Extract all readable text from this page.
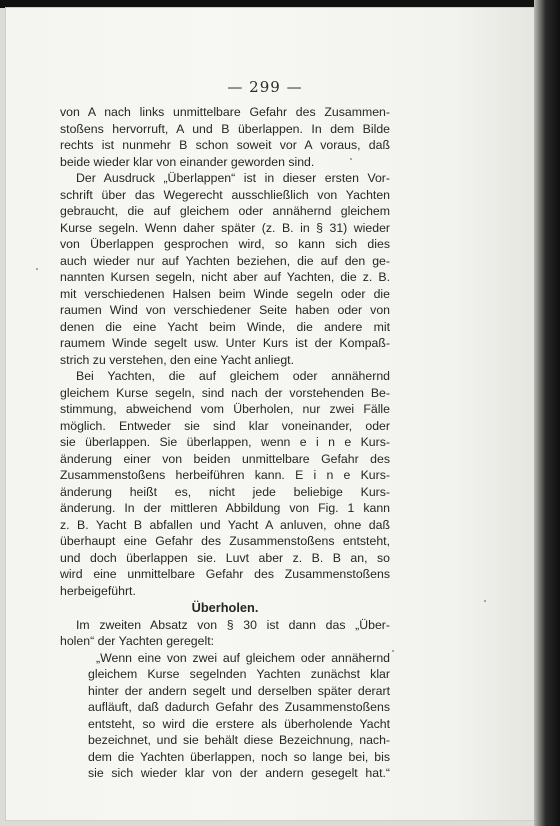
— 299 —
von A nach links unmittelbare Gefahr des Zusammen-
stoßens hervorruft, A und B überlappen. In dem Bilde
rechts ist nunmehr B schon soweit vor A voraus, daß
beide wieder klar von einander geworden sind.
Der Ausdruck „Überlappen“ ist in dieser ersten Vor-
schrift über das Wegerecht ausschließlich von Yachten
gebraucht, die auf gleichem oder annähernd gleichem
Kurse segeln. Wenn daher später (z. B. in § 31) wieder
von Überlappen gesprochen wird, so kann sich dies
auch wieder nur auf Yachten beziehen, die auf den ge-
nannten Kursen segeln, nicht aber auf Yachten, die z. B.
mit verschiedenen Halsen beim Winde segeln oder die
raumen Wind von verschiedener Seite haben oder von
denen die eine Yacht beim Winde, die andere mit
raumem Winde segelt usw. Unter Kurs ist der Kompaß-
strich zu verstehen, den eine Yacht anliegt.
Bei Yachten, die auf gleichem oder annähernd
gleichem Kurse segeln, sind nach der vorstehenden Be-
stimmung, abweichend vom Überholen, nur zwei Fälle
möglich. Entweder sie sind klar voneinander, oder
sie überlappen. Sie überlappen, wenn e i n e Kurs-
änderung einer von beiden unmittelbare Gefahr des
Zusammenstoßens herbeiführen kann. E i n e Kurs-
änderung heißt es, nicht jede beliebige Kurs-
änderung. In der mittleren Abbildung von Fig. 1 kann
z. B. Yacht B abfallen und Yacht A anluven, ohne daß
überhaupt eine Gefahr des Zusammenstoßens entsteht,
und doch überlappen sie. Luvt aber z. B. B an, so
wird eine unmittelbare Gefahr des Zusammenstoßens
herbeigeführt.
Überholen.
Im zweiten Absatz von § 30 ist dann das „Über-
holen“ der Yachten geregelt:
„Wenn eine von zwei auf gleichem oder annähernd
gleichem Kurse segelnden Yachten zunächst klar
hinter der andern segelt und derselben später derart
aufläuft, daß dadurch Gefahr des Zusammenstoßens
entsteht, so wird die erstere als überholende Yacht
bezeichnet, und sie behält diese Bezeichnung, nach-
dem die Yachten überlappen, noch so lange bei, bis
sie sich wieder klar von der andern gesegelt hat.“
